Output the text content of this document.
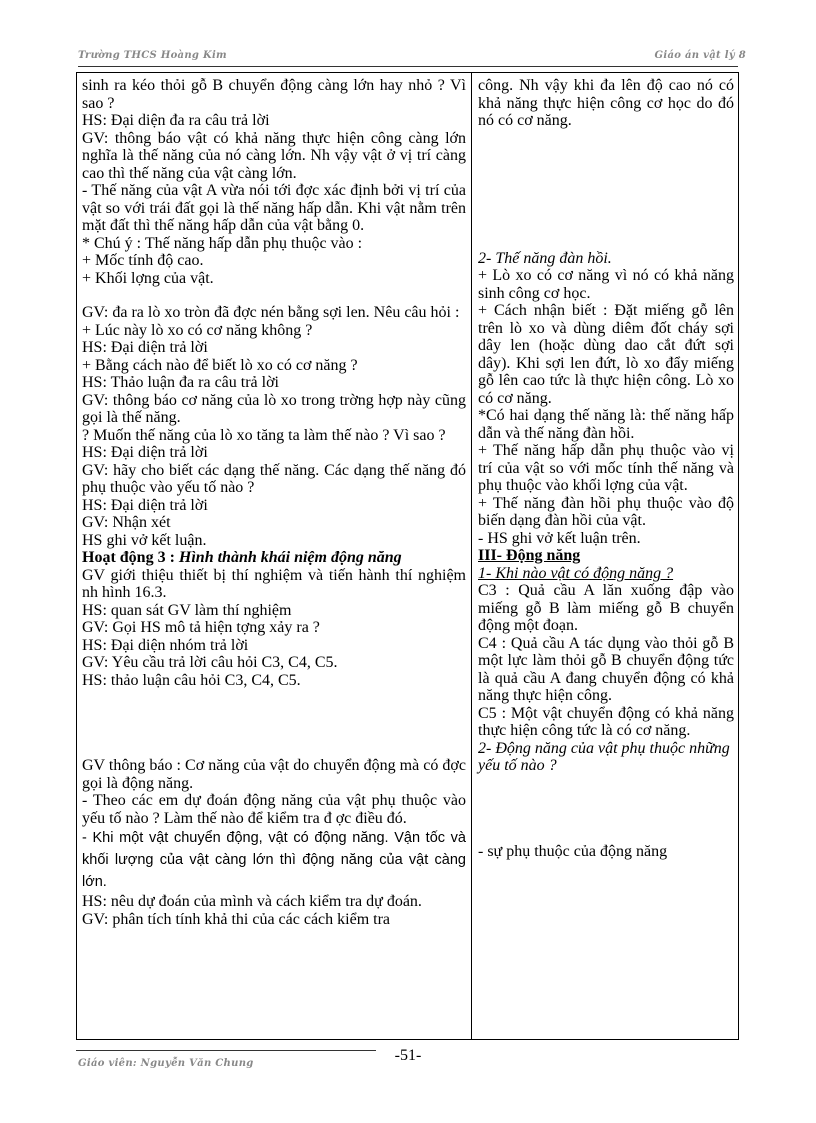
Trường THCS Hoàng Kim	Giáo án vật lý 8

sinh ra kéo thỏi gỗ B chuyển động càng lớn hay nhỏ ? Vì sao ?

HS: Đại diện đa ra câu trả lời

GV: thông báo vật có khả năng thực hiện công càng lớn nghĩa là thế năng của nó càng lớn. Nh vậy vật ở vị trí càng cao thì thế năng của vật càng lớn.

- Thế năng của vật A vừa nói tới đợc xác định bởi vị trí của vật so với trái đất gọi là thế năng hấp dẫn. Khi vật nằm trên mặt đất thì thế năng hấp dẫn của vật bằng 0.

* Chú ý : Thế năng hấp dẫn phụ thuộc vào :

+ Mốc tính độ cao.

+ Khối lợng của vật.

GV: đa ra lò xo tròn đã đợc nén bằng sợi len. Nêu câu hỏi :

+ Lúc này lò xo có cơ năng không ?

HS: Đại diện trả lời

+ Bằng cách nào để biết lò xo có cơ năng ?

HS: Thảo luận đa ra câu trả lời

GV: thông báo cơ năng của lò xo trong trờng hợp này cũng gọi là thế năng.

? Muốn thế năng của lò xo tăng ta làm thế nào ? Vì sao ?

HS: Đại diện trả lời

GV: hãy cho biết các dạng thế năng. Các dạng thế năng đó phụ thuộc vào yếu tố nào ?

HS: Đại diện trả lời

GV: Nhận xét

HS ghi vở kết luận.

Hoạt động 3 : Hình thành khái niệm động năng

GV giới thiệu thiết bị thí nghiệm và tiến hành thí nghiệm nh hình 16.3.

HS: quan sát GV làm thí nghiệm

GV: Gọi HS mô tả hiện tợng xảy ra ?

HS: Đại diện nhóm trả lời

GV: Yêu cầu trả lời câu hỏi C3, C4, C5.

HS: thảo luận câu hỏi C3, C4, C5.

GV thông báo : Cơ năng của vật do chuyển động mà có đợc gọi là động năng.

- Theo các em dự đoán động năng của vật phụ thuộc vào yếu tố nào ? Làm thế nào để kiểm tra đ ợc điều đó.

- Khi một vật chuyển động, vật có động năng. Vận tốc và khối lượng của vật càng lớn thì động năng của vật càng lớn.

HS: nêu dự đoán của mình và cách kiểm tra dự đoán.

GV: phân tích tính khả thi của các cách kiểm tra

công. Nh vậy khi đa lên độ cao nó có khả năng thực hiện công cơ học do đó nó có cơ năng.

2- Thế năng đàn hồi.

+ Lò xo có cơ năng vì nó có khả năng sinh công cơ học.

+ Cách nhận biết : Đặt miếng gỗ lên trên lò xo và dùng diêm đốt cháy sợi dây len (hoặc dùng dao cắt đứt sợi dây). Khi sợi len đứt, lò xo đẩy miếng gỗ lên cao tức là thực hiện công. Lò xo có cơ năng.

*Có hai dạng thế năng là: thế năng hấp dẫn và thế năng đàn hồi.

+ Thế năng hấp dẫn phụ thuộc vào vị trí của vật so với mốc tính thế năng và phụ thuộc vào khối lợng của vật.

+ Thế năng đàn hồi phụ thuộc vào độ biến dạng đàn hồi của vật.

- HS ghi vở kết luận trên.

III- Động năng

1- Khi nào vật có động năng ?

C3 : Quả cầu A lăn xuống đập vào miếng gỗ B làm miếng gỗ B chuyển động một đoạn.

C4 : Quả cầu A tác dụng vào thỏi gỗ B một lực làm thỏi gỗ B chuyển động tức là quả cầu A đang chuyển động có khả năng thực hiện công.

C5 : Một vật chuyển động có khả năng thực hiện công tức là có cơ năng.

2- Động năng của vật phụ thuộc những yếu tố nào ?

- sự phụ thuộc của động năng

-51-
Giáo viên: Nguyễn Văn Chung
